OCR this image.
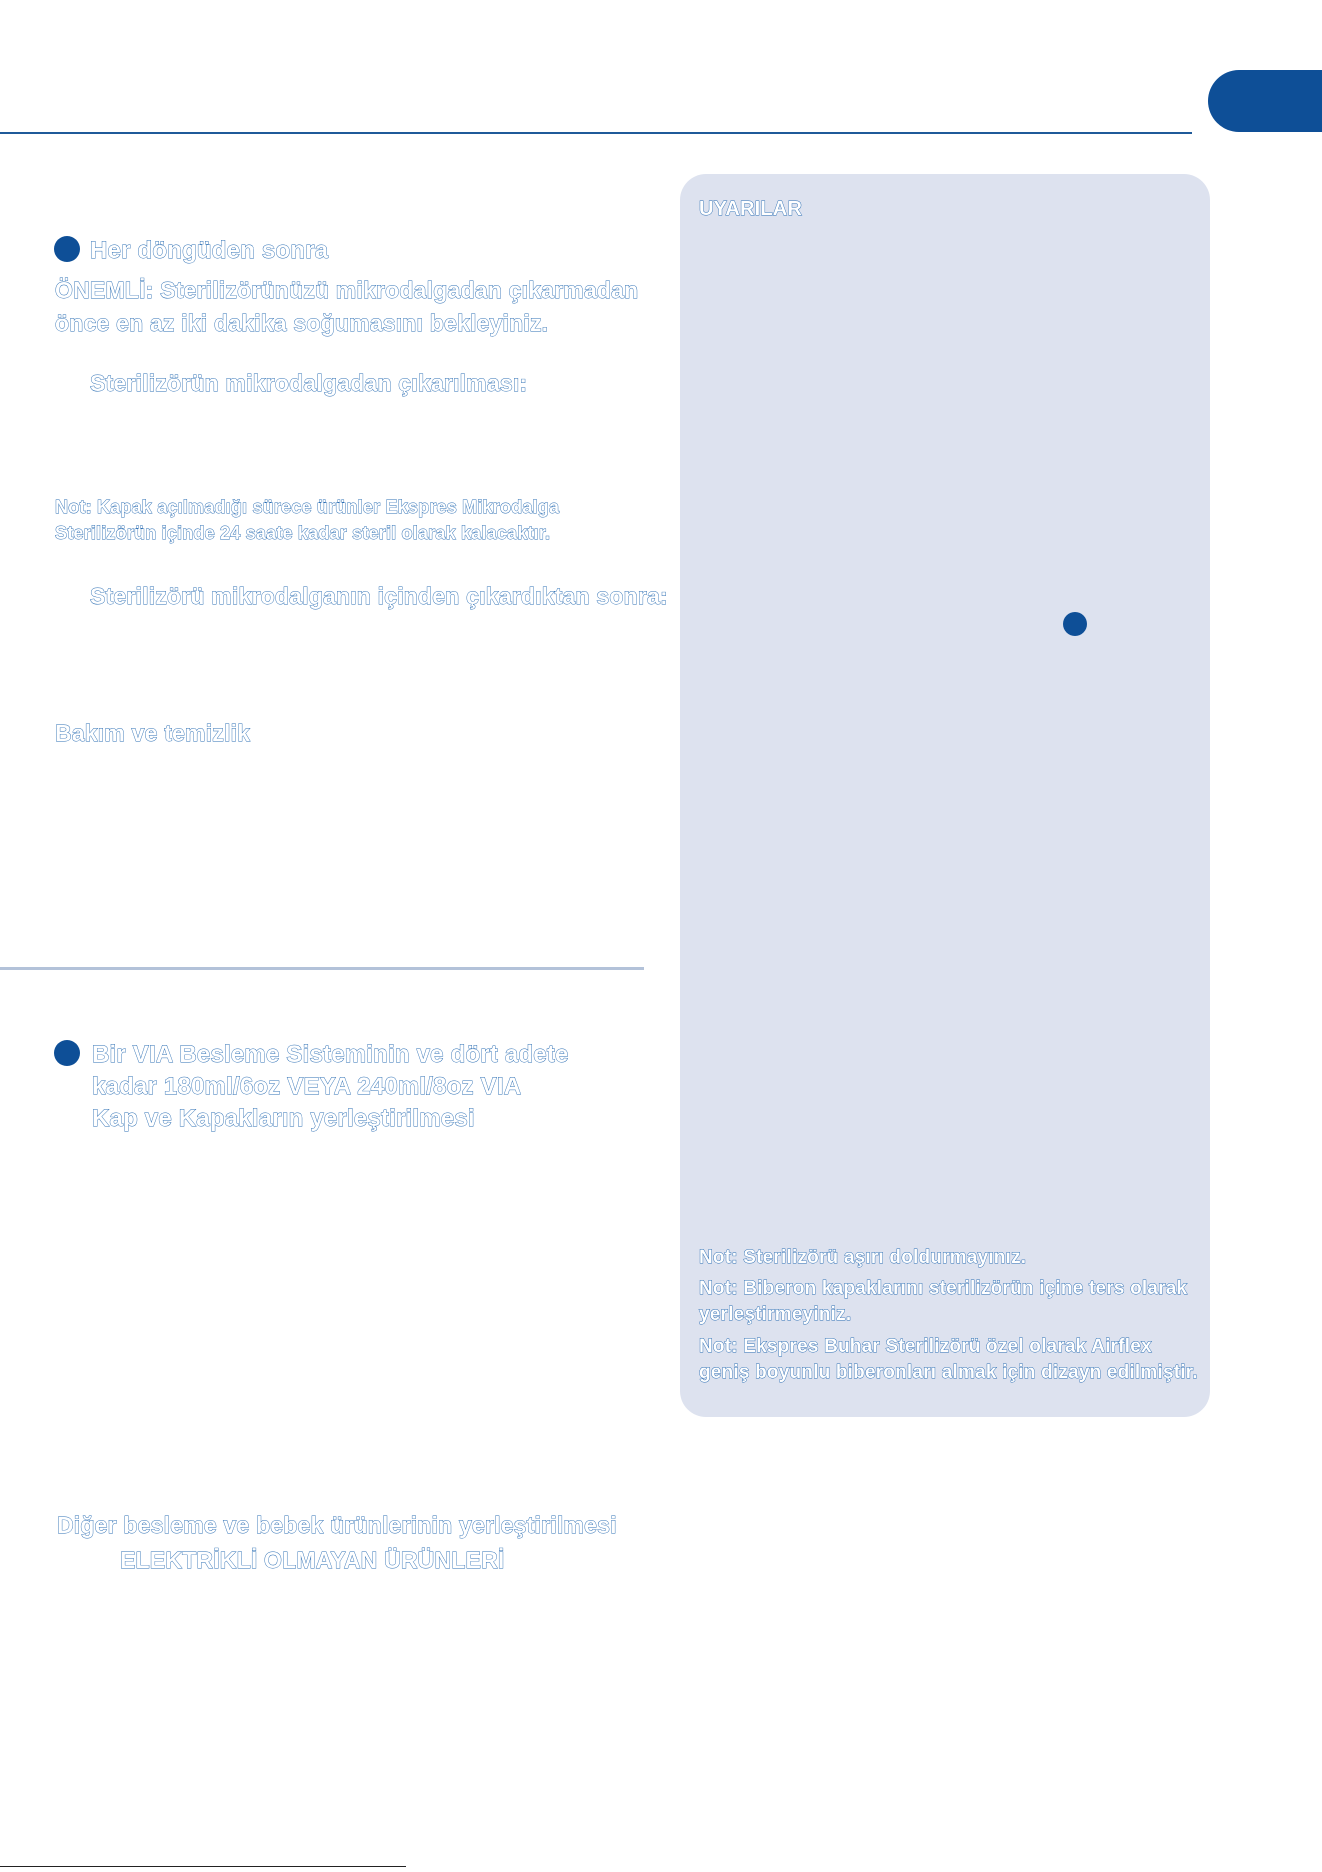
Her döngüden sonra
ÖNEMLİ: Sterilizörünüzü mikrodalgadan çıkarmadan önce en az iki dakika soğumasını bekleyiniz.
Sterilizörün mikrodalgadan çıkarılması:
Not: Kapak açılmadığı sürece ürünler Ekspres Mikrodalga Sterilizörün içinde 24 saate kadar steril olarak kalacaktır.
Sterilizörü mikrodalganın içinden çıkardıktan sonra:
Bakım ve temizlik
Bir VIA Besleme Sisteminin ve dört adete
kadar 180ml/6oz VEYA 240ml/8oz VIA
Kap ve Kapakların yerleştirilmesi
Diğer besleme ve bebek ürünlerinin yerleştirilmesi
ELEKTRİKLİ OLMAYAN ÜRÜNLERİ
UYARILAR
Not: Sterilizörü aşırı doldurmayınız.
Not: Biberon kapaklarını sterilizörün içine ters olarak yerleştirmeyiniz.
Not: Ekspres Buhar Sterilizörü özel olarak Airflex geniş boyunlu biberonları almak için dizayn edilmiştir.
